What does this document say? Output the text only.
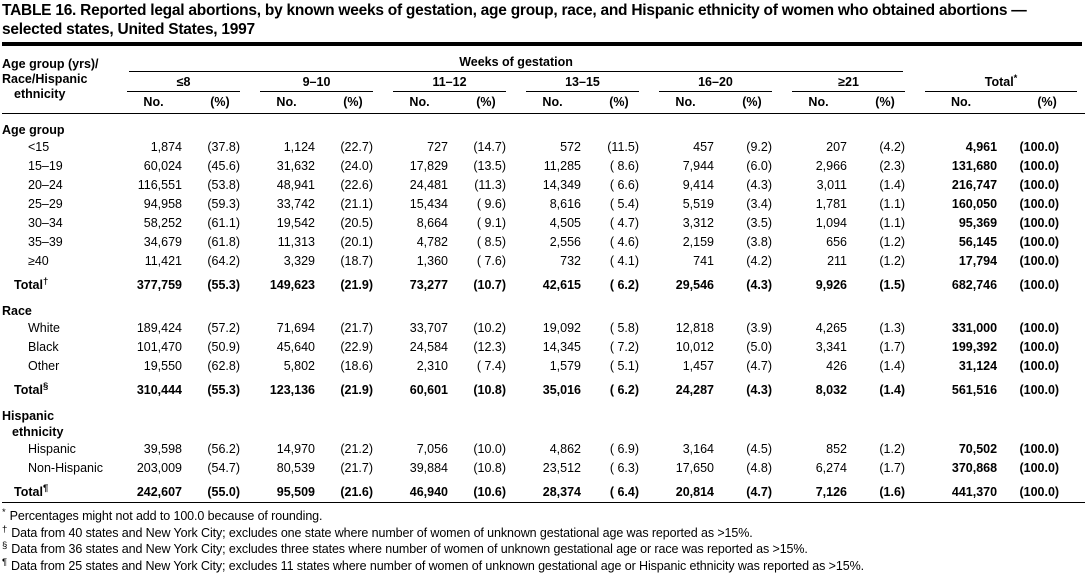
TABLE 16. Reported legal abortions, by known weeks of gestation, age group, race, and Hispanic ethnicity of women who obtained abortions — selected states, United States, 1997
Age group (yrs)/
Race/Hispanic
ethnicity	Weeks of gestation													

	≤8		9–10		11–12		13–15		16–20		≥21		Total*

	No.	(%)	No.	(%)	No.	(%)	No.	(%)	No.	(%)	No.	(%)	No.	(%)

Age group														

<15	1,874	(37.8)	1,124	(22.7)	727	(14.7)	572	(11.5)	457	(9.2)	207	(4.2)	4,961	(100.0)
15–19	60,024	(45.6)	31,632	(24.0)	17,829	(13.5)	11,285	( 8.6)	7,944	(6.0)	2,966	(2.3)	131,680	(100.0)
20–24	116,551	(53.8)	48,941	(22.6)	24,481	(11.3)	14,349	( 6.6)	9,414	(4.3)	3,011	(1.4)	216,747	(100.0)
25–29	94,958	(59.3)	33,742	(21.1)	15,434	( 9.6)	8,616	( 5.4)	5,519	(3.4)	1,781	(1.1)	160,050	(100.0)
30–34	58,252	(61.1)	19,542	(20.5)	8,664	( 9.1)	4,505	( 4.7)	3,312	(3.5)	1,094	(1.1)	95,369	(100.0)
35–39	34,679	(61.8)	11,313	(20.1)	4,782	( 8.5)	2,556	( 4.6)	2,159	(3.8)	656	(1.2)	56,145	(100.0)
≥40	11,421	(64.2)	3,329	(18.7)	1,360	( 7.6)	732	( 4.1)	741	(4.2)	211	(1.2)	17,794	(100.0)
Total†	377,759	(55.3)	149,623	(21.9)	73,277	(10.7)	42,615	( 6.2)	29,546	(4.3)	9,926	(1.5)	682,746	(100.0)

Race														

White	189,424	(57.2)	71,694	(21.7)	33,707	(10.2)	19,092	( 5.8)	12,818	(3.9)	4,265	(1.3)	331,000	(100.0)
Black	101,470	(50.9)	45,640	(22.9)	24,584	(12.3)	14,345	( 7.2)	10,012	(5.0)	3,341	(1.7)	199,392	(100.0)
Other	19,550	(62.8)	5,802	(18.6)	2,310	( 7.4)	1,579	( 5.1)	1,457	(4.7)	426	(1.4)	31,124	(100.0)
Total§	310,444	(55.3)	123,136	(21.9)	60,601	(10.8)	35,016	( 6.2)	24,287	(4.3)	8,032	(1.4)	561,516	(100.0)

Hispanic
ethnicity														

Hispanic	39,598	(56.2)	14,970	(21.2)	7,056	(10.0)	4,862	( 6.9)	3,164	(4.5)	852	(1.2)	70,502	(100.0)
Non-Hispanic	203,009	(54.7)	80,539	(21.7)	39,884	(10.8)	23,512	( 6.3)	17,650	(4.8)	6,274	(1.7)	370,868	(100.0)
Total¶	242,607	(55.0)	95,509	(21.6)	46,940	(10.6)	28,374	( 6.4)	20,814	(4.7)	7,126	(1.6)	441,370	(100.0)
* Percentages might not add to 100.0 because of rounding.
† Data from 40 states and New York City; excludes one state where number of women of unknown gestational age was reported as >15%.
§ Data from 36 states and New York City; excludes three states where number of women of unknown gestational age or race was reported as >15%.
¶ Data from 25 states and New York City; excludes 11 states where number of women of unknown gestational age or Hispanic ethnicity was reported as >15%.
